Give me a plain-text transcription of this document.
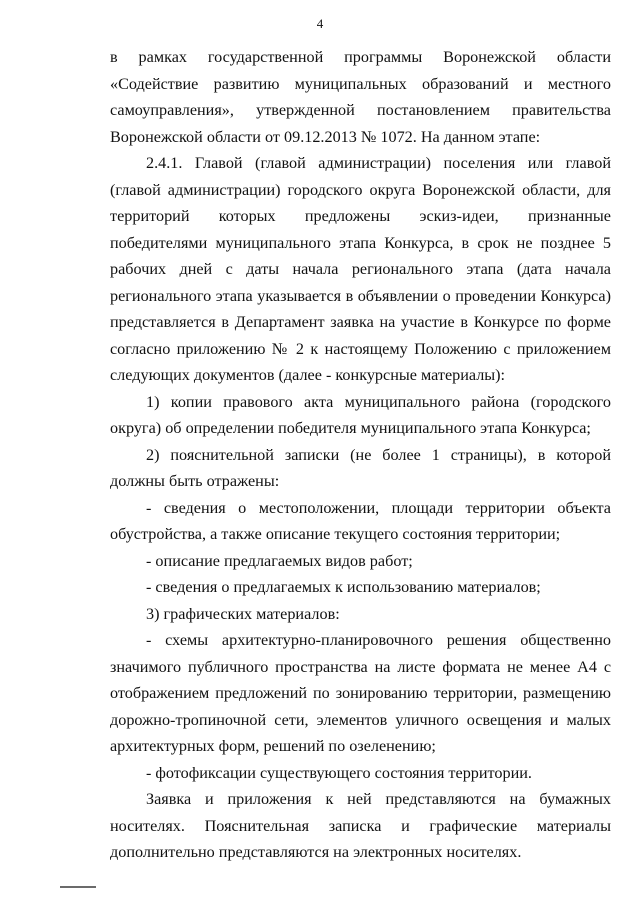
4

в рамках государственной программы Воронежской области «Содействие развитию муниципальных образований и местного самоуправления», утвержденной постановлением правительства Воронежской области от 09.12.2013 № 1072. На данном этапе:

2.4.1. Главой (главой администрации) поселения или главой (главой администрации) городского округа Воронежской области, для территорий которых предложены эскиз-идеи, признанные победителями муниципального этапа Конкурса, в срок не позднее 5 рабочих дней с даты начала регионального этапа (дата начала регионального этапа указывается в объявлении о проведении Конкурса) представляется в Департамент заявка на участие в Конкурсе по форме согласно приложению № 2 к настоящему Положению с приложением следующих документов (далее - конкурсные материалы):

1) копии правового акта муниципального района (городского округа) об определении победителя муниципального этапа Конкурса;

2) пояснительной записки (не более 1 страницы), в которой должны быть отражены:

- сведения о местоположении, площади территории объекта обустройства, а также описание текущего состояния территории;

- описание предлагаемых видов работ;

- сведения о предлагаемых к использованию материалов;

3) графических материалов:

- схемы архитектурно-планировочного решения общественно значимого публичного пространства на листе формата не менее А4 с отображением предложений по зонированию территории, размещению дорожно-тропиночной сети, элементов уличного освещения и малых архитектурных форм, решений по озеленению;

- фотофиксации существующего состояния территории.

Заявка и приложения к ней представляются на бумажных носителях. Пояснительная записка и графические материалы дополнительно представляются на электронных носителях.
